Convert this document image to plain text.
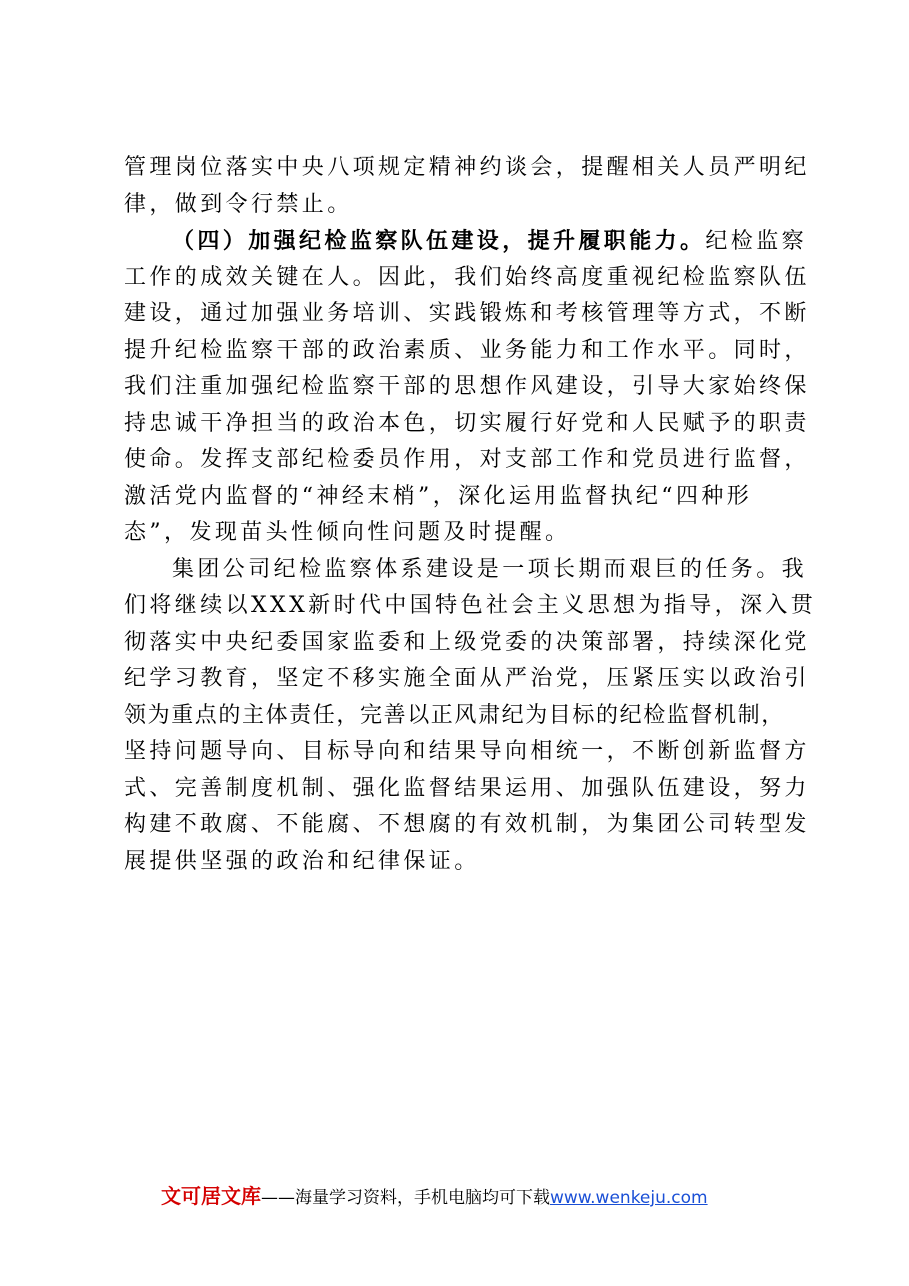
管理岗位落实中央八项规定精神约谈会，提醒相关人员严明纪
律，做到令行禁止。
（四）加强纪检监察队伍建设，提升履职能力。纪检监察
工作的成效关键在人。因此，我们始终高度重视纪检监察队伍
建设，通过加强业务培训、实践锻炼和考核管理等方式，不断
提升纪检监察干部的政治素质、业务能力和工作水平。同时，
我们注重加强纪检监察干部的思想作风建设，引导大家始终保
持忠诚干净担当的政治本色，切实履行好党和人民赋予的职责
使命。发挥支部纪检委员作用，对支部工作和党员进行监督，
激活党内监督的“神经末梢”，深化运用监督执纪“四种形
态”，发现苗头性倾向性问题及时提醒。
集团公司纪检监察体系建设是一项长期而艰巨的任务。我
们将继续以XXX新时代中国特色社会主义思想为指导，深入贯
彻落实中央纪委国家监委和上级党委的决策部署，持续深化党
纪学习教育，坚定不移实施全面从严治党，压紧压实以政治引
领为重点的主体责任，完善以正风肃纪为目标的纪检监督机制，
坚持问题导向、目标导向和结果导向相统一，不断创新监督方
式、完善制度机制、强化监督结果运用、加强队伍建设，努力
构建不敢腐、不能腐、不想腐的有效机制，为集团公司转型发
展提供坚强的政治和纪律保证。
文可居文库——海量学习资料，手机电脑均可下载www.wenkeju.com
